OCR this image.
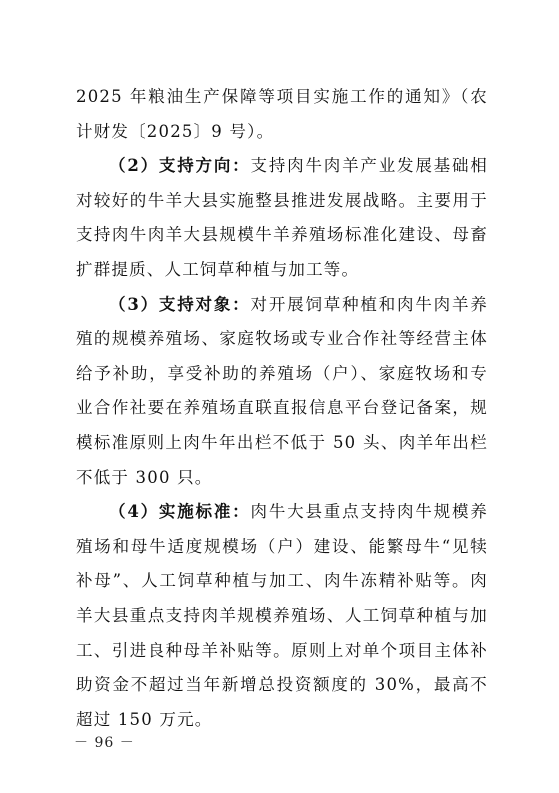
2025 年粮油生产保障等项目实施工作的通知》（农计财发〔2025〕9 号）。

（2）支持方向：支持肉牛肉羊产业发展基础相对较好的牛羊大县实施整县推进发展战略。主要用于支持肉牛肉羊大县规模牛羊养殖场标准化建设、母畜扩群提质、人工饲草种植与加工等。

（3）支持对象：对开展饲草种植和肉牛肉羊养殖的规模养殖场、家庭牧场或专业合作社等经营主体给予补助，享受补助的养殖场（户）、家庭牧场和专业合作社要在养殖场直联直报信息平台登记备案，规模标准原则上肉牛年出栏不低于 50 头、肉羊年出栏不低于 300 只。

（4）实施标准：肉牛大县重点支持肉牛规模养殖场和母牛适度规模场（户）建设、能繁母牛“见犊补母”、人工饲草种植与加工、肉牛冻精补贴等。肉羊大县重点支持肉羊规模养殖场、人工饲草种植与加工、引进良种母羊补贴等。原则上对单个项目主体补助资金不超过当年新增总投资额度的 30%，最高不超过 150 万元。

－ 96 －
